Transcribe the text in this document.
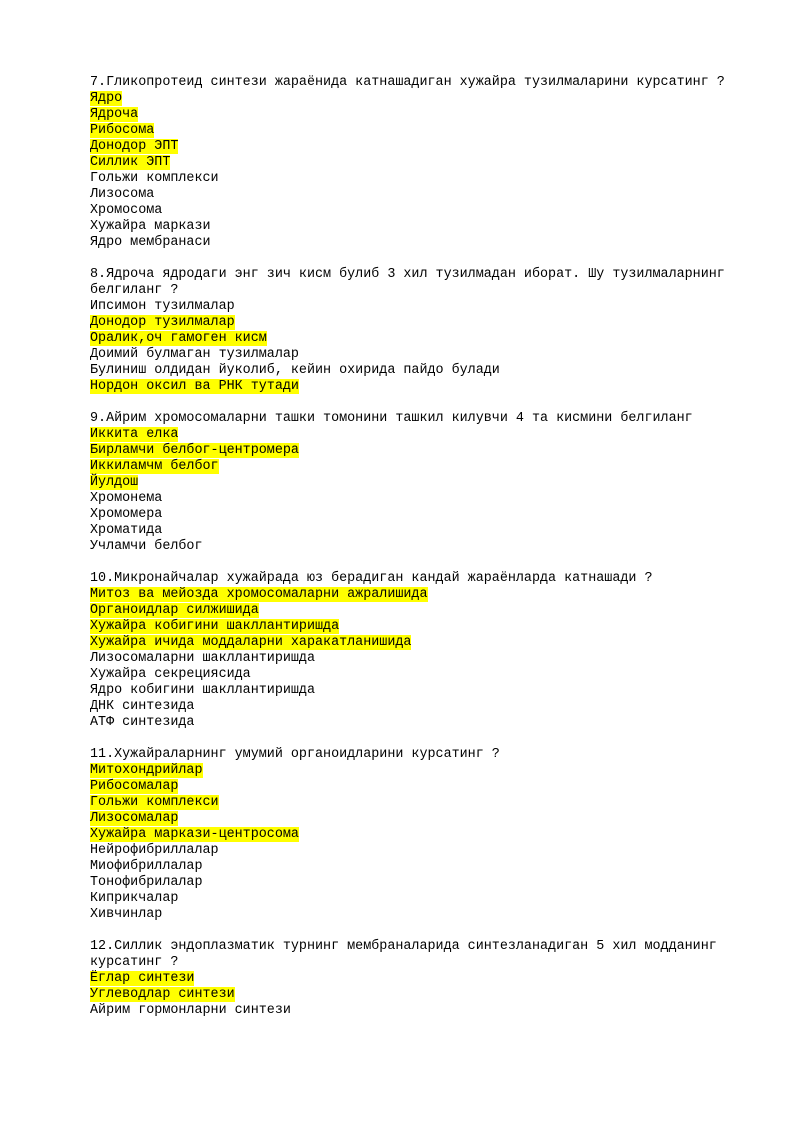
7.Гликопротеид синтези жараёнида катнашадиган хужайра тузилмаларини курсатинг ?
Ядро
Ядроча
Рибосома
Донодор ЭПТ
Силлик ЭПТ
Гольжи комплекси
Лизосома
Хромосома
Хужайра маркази
Ядро мембранаси
8.Ядроча ядродаги энг зич кисм булиб 3 хил тузилмадан иборат. Шу тузилмаларнинг белгиланг ?
Ипсимон тузилмалар
Донодор тузилмалар
Оралик,оч гамоген кисм
Доимий булмаган тузилмалар
Булиниш олдидан йуколиб, кейин охирида пайдо булади
Нордон оксил ва РНК тутади
9.Айрим хромосомаларни ташки томонини ташкил килувчи 4 та кисмини белгиланг
Иккита елка
Бирламчи белбог-центромера
Иккиламчм белбог
Йулдош
Хромонема
Хромомера
Хроматида
Учламчи белбог
10.Микронайчалар хужайрада юз берадиган кандай жараёнларда катнашади ?
Митоз ва мейозда хромосомаларни ажралишида
Органоидлар силжишида
Хужайра кобигини шакллантиришда
Хужайра ичида моддаларни харакатланишида
Лизосомаларни шакллантиришда
Хужайра секрециясида
Ядро кобигини шакллантиришда
ДНК синтезида
АТФ синтезида
11.Хужайраларнинг умумий органоидларини курсатинг ?
Митохондрийлар
Рибосомалар
Гольжи комплекси
Лизосомалар
Хужайра маркази-центросома
Нейрофибриллалар
Миофибриллалар
Тонофибрилалар
Киприкчалар
Хивчинлар
12.Силлик эндоплазматик турнинг мембраналарида синтезланадиган 5 хил модданинг курсатинг ?
Ёглар синтези
Углеводлар синтези
Айрим гормонларни синтези
